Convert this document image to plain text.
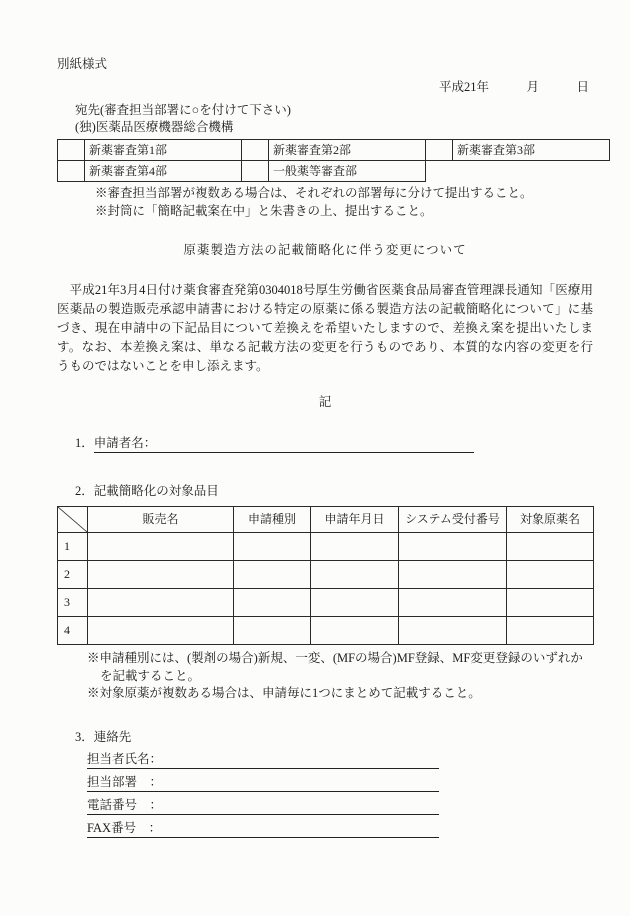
別紙様式
平成21年　　　月　　　日
宛先(審査担当部署に○を付けて下さい)
(独)医薬品医療機器総合機構
	新薬審査第1部		新薬審査第2部		新薬審査第3部
	新薬審査第4部		一般薬等審査部		
※審査担当部署が複数ある場合は、それぞれの部署毎に分けて提出すること。
※封筒に「簡略記載案在中」と朱書きの上、提出すること。
原薬製造方法の記載簡略化に伴う変更について
　平成21年3月4日付け薬食審査発第0304018号厚生労働省医薬食品局審査管理課長通知「医療用医薬品の製造販売承認申請書における特定の原薬に係る製造方法の記載簡略化について」に基づき、現在申請中の下記品目について差換えを希望いたしますので、差換え案を提出いたします。なお、本差換え案は、単なる記載方法の変更を行うものであり、本質的な内容の変更を行うものではないことを申し添えます。
記
1．申請者名：
2．記載簡略化の対象品目
	販売名	申請種別	申請年月日	システム受付番号	対象原薬名
1					
2					
3					
4					
※申請種別には、(製剤の場合)新規、一変、(MFの場合)MF登録、MF変更登録のいずれかを記載すること。
※対象原薬が複数ある場合は、申請毎に1つにまとめて記載すること。
3．連絡先
担当者氏名：
担当部署　：
電話番号　：
FAX番号　：
